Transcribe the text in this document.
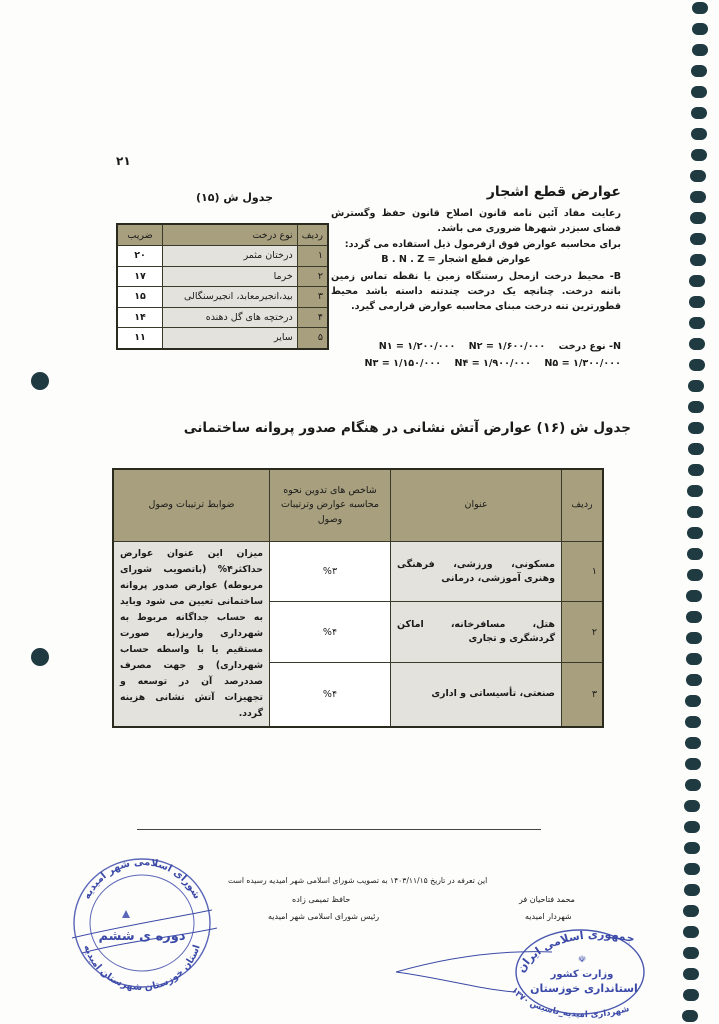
۲۱
عوارض قطع اشجار

رعایت مفاد آئین نامه قانون اصلاح قانون حفظ وگسترش فضای سبزدر شهرها ضروری می باشد.

برای محاسبه عوارض فوق ازفرمول ذیل استفاده می گردد:

B . N . Z = عوارض قطع اشجار

B- محیط درخت ازمحل رستنگاه زمین یا نقطه تماس زمین باتنه درخت. چنانچه یک درخت چندتنه داسته باشد محیط قطورترین تنه درخت مبنای محاسبه عوارض قرارمی گیرد.

N- نوع درخت N۱ = ۱/۲۰۰/۰۰۰ N۲ = ۱/۶۰۰/۰۰۰
N۳ = ۱/۱۵۰/۰۰۰ N۴ = ۱/۹۰۰/۰۰۰ N۵ = ۱/۳۰۰/۰۰۰
جدول ش (۱۵)
ردیف	نوع درخت	ضریب
۱	درختان مثمر	۲۰
۲	خرما	۱۷
۳	بید،انجیرمعابد، انجیرسنگالی	۱۵
۴	درختچه های گل دهنده	۱۴
۵	سایر	۱۱
جدول ش (۱۶) عوارض آتش نشانی در هنگام صدور پروانه ساختمانی
ردیف	عنوان	شاخص های تدوین نحوه محاسبه عوارض وترتیبات وصول	ضوابط ترتیبات وصول
۱	مسکونی، ورزشی، فرهنگی وهنری آموزشی، درمانی	%۳	میزان این عنوان عوارض حداکثر۴% (باتصویب شورای مربوطه) عوارض صدور پروانه ساختمانی تعیین می شود وباید به حساب جداگانه مربوط به شهرداری واریز(به صورت مستقیم یا با واسطه حساب شهرداری) و جهت مصرف صددرصد آن در توسعه و تجهیزات آتش نشانی هزینه گردد.
۲	هتل، مسافرخانه، اماکن گردشگری و تجاری	%۴	
۳	صنعتی، تأسیساتی و اداری	%۴	
این تعرفه در تاریخ ۱۴۰۳/۱۱/۱۵ به تصویب شورای اسلامی شهر امیدیه رسیده است
حافظ تمیمی زاده
رئیس شورای اسلامی شهر امیدیه
محمد فتاحیان فر
شهردار امیدیه
شورای اسلامی شهر امیدیه
دوره ی ششم
استان خوزستان شهرستان امیدیه
جمهوری اسلامی ایران
☫
وزارت کشور
استانداری خوزستان
شهرداری امیدیه_تاسیس ۱۳۷۰
